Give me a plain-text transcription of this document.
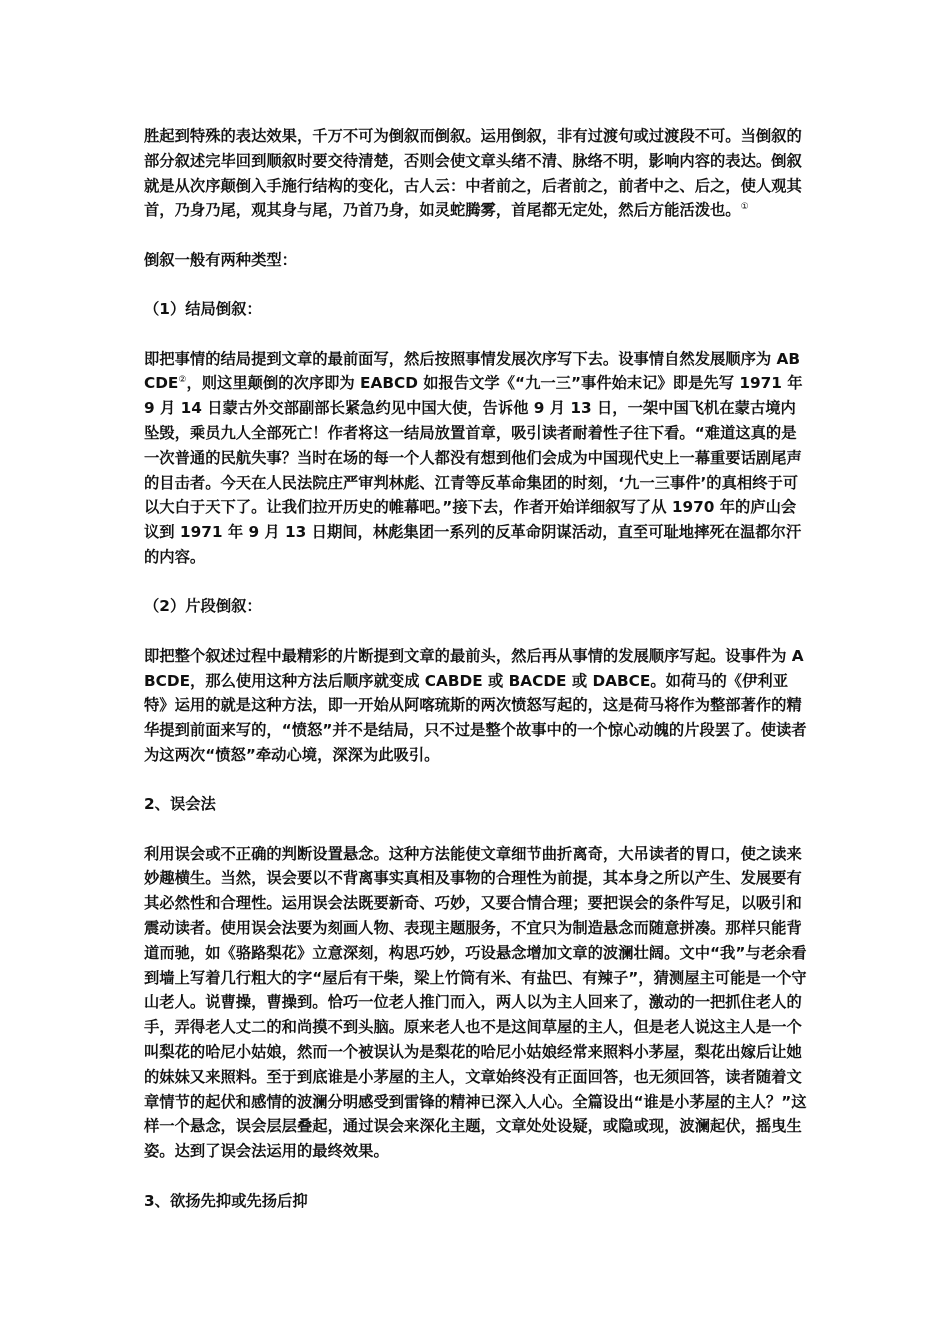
胜起到特殊的表达效果，千万不可为倒叙而倒叙。运用倒叙，非有过渡句或过渡段不可。当倒叙的部分叙述完毕回到顺叙时要交待清楚，否则会使文章头绪不清、脉络不明，影响内容的表达。倒叙就是从次序颠倒入手施行结构的变化，古人云：中者前之，后者前之，前者中之、后之，使人观其首，乃身乃尾，观其身与尾，乃首乃身，如灵蛇腾雾，首尾都无定处，然后方能活泼也。①

倒叙一般有两种类型：

（1）结局倒叙：

即把事情的结局提到文章的最前面写，然后按照事情发展次序写下去。设事情自然发展顺序为 ABCDE②，则这里颠倒的次序即为 EABCD 如报告文学《“九一三”事件始末记》即是先写 1971 年 9 月 14 日蒙古外交部副部长紧急约见中国大使，告诉他 9 月 13 日，一架中国飞机在蒙古境内坠毁，乘员九人全部死亡！作者将这一结局放置首章，吸引读者耐着性子往下看。“难道这真的是一次普通的民航失事？当时在场的每一个人都没有想到他们会成为中国现代史上一幕重要话剧尾声的目击者。今天在人民法院庄严审判林彪、江青等反革命集团的时刻，‘九一三事件’的真相终于可以大白于天下了。让我们拉开历史的帷幕吧。”接下去，作者开始详细叙写了从 1970 年的庐山会议到 1971 年 9 月 13 日期间，林彪集团一系列的反革命阴谋活动，直至可耻地摔死在温都尔汗的内容。

（2）片段倒叙：

即把整个叙述过程中最精彩的片断提到文章的最前头，然后再从事情的发展顺序写起。设事件为 ABCDE，那么使用这种方法后顺序就变成 CABDE 或 BACDE 或 DABCE。如荷马的《伊利亚特》运用的就是这种方法，即一开始从阿喀琉斯的两次愤怒写起的，这是荷马将作为整部著作的精华提到前面来写的，“愤怒”并不是结局，只不过是整个故事中的一个惊心动魄的片段罢了。使读者为这两次“愤怒”牵动心境，深深为此吸引。

2、误会法

利用误会或不正确的判断设置悬念。这种方法能使文章细节曲折离奇，大吊读者的胃口，使之读来妙趣横生。当然，误会要以不背离事实真相及事物的合理性为前提，其本身之所以产生、发展要有其必然性和合理性。运用误会法既要新奇、巧妙，又要合情合理；要把误会的条件写足，以吸引和震动读者。使用误会法要为刻画人物、表现主题服务，不宜只为制造悬念而随意拼凑。那样只能背道而驰，如《骆路梨花》立意深刻，构思巧妙，巧设悬念增加文章的波澜壮阔。文中“我”与老余看到墙上写着几行粗大的字“屋后有干柴，梁上竹筒有米、有盐巴、有辣子”，猜测屋主可能是一个守山老人。说曹操，曹操到。恰巧一位老人推门而入，两人以为主人回来了，激动的一把抓住老人的手，弄得老人丈二的和尚摸不到头脑。原来老人也不是这间草屋的主人，但是老人说这主人是一个叫梨花的哈尼小姑娘，然而一个被误认为是梨花的哈尼小姑娘经常来照料小茅屋，梨花出嫁后让她的妹妹又来照料。至于到底谁是小茅屋的主人，文章始终没有正面回答，也无须回答，读者随着文章情节的起伏和感情的波澜分明感受到雷锋的精神已深入人心。全篇设出“谁是小茅屋的主人？”这样一个悬念，误会层层叠起，通过误会来深化主题，文章处处设疑，或隐或现，波澜起伏，摇曳生姿。达到了误会法运用的最终效果。

3、欲扬先抑或先扬后抑
